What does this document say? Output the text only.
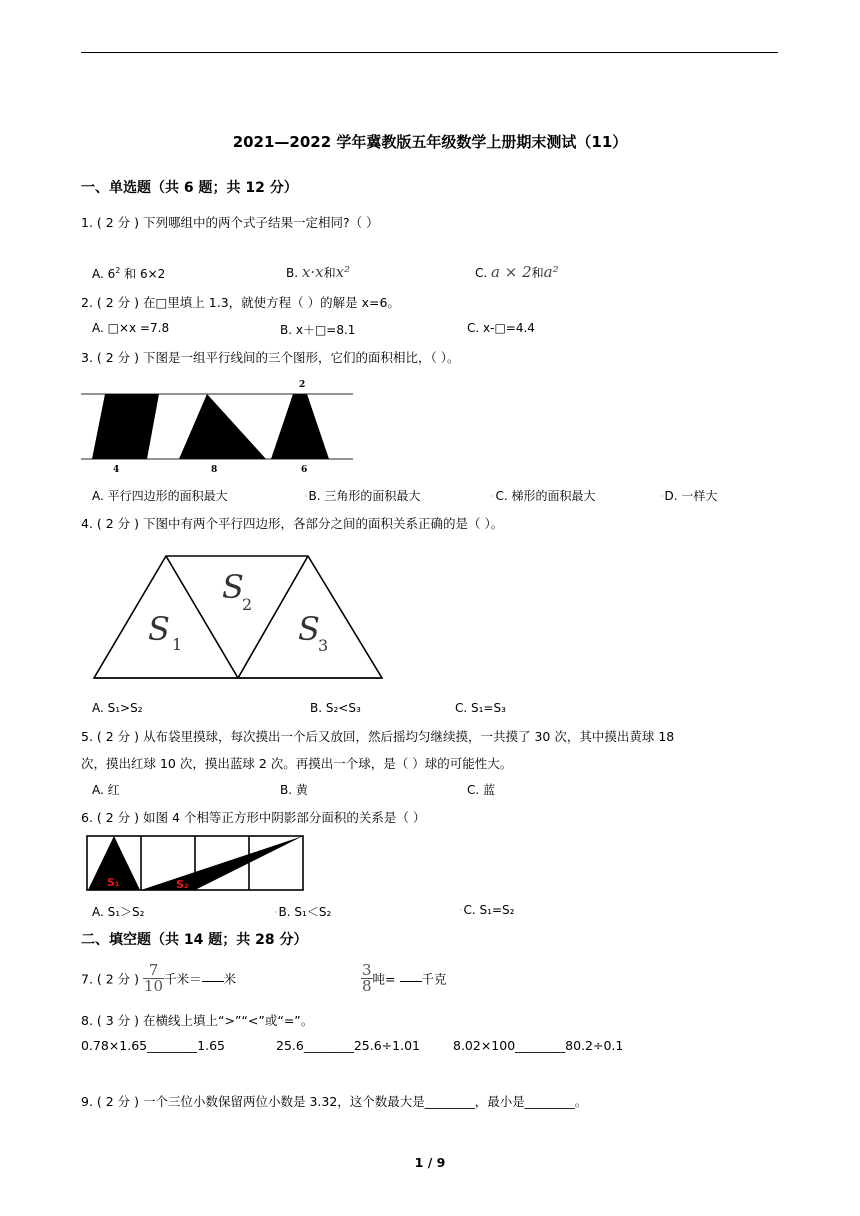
2021—2022 学年冀教版五年级数学上册期末测试（11）
一、单选题（共 6 题；共 12 分）
1. ( 2 分 ) 下列哪组中的两个式子结果一定相同?（ ）
A. $6^2$ 和 6×2	B. x·x和x²	C. a × 2和a²
2. ( 2 分 ) 在□里填上 1.3，就使方程（ ）的解是 x=6。
A. □×x =7.8	B. x＋□=8.1	C. x-□=4.4
3. ( 2 分 ) 下图是一组平行线间的三个图形，它们的面积相比，（ ）。
4	8	6
2
A. 平行四边形的面积最大	◦B. 三角形的面积最大	◦C. 梯形的面积最大	◦D. 一样大
4. ( 2 分 ) 下图中有两个平行四边形，各部分之间的面积关系正确的是（ ）。
S 1
S
2
S
3
A. S₁>S₂	B. S₂<S₃	C. S₁=S₃
5. ( 2 分 ) 从布袋里摸球，每次摸出一个后又放回，然后摇均匀继续摸，一共摸了 30 次，其中摸出黄球 18
次，摸出红球 10 次，摸出蓝球 2 次。再摸出一个球，是（ ）球的可能性大。
A. 红	B. 黄	C. 蓝
6. ( 2 分 ) 如图 4 个相等正方形中阴影部分面积的关系是（ ）
S₁	S₂
A. S₁＞S₂	◦B. S₁＜S₂	◦C. S₁=S₂
二、填空题（共 14 题；共 28 分）
7. ( 2 分 ) $\frac{7}{10}$ 千米＝ 米	$\frac{3}{8}$ 吨= 千克
8. ( 3 分 ) 在横线上填上“>”“<”或“=”。
0.78×1.65________1.65	25.6________25.6÷1.01	8.02×100________80.2÷0.1
9. ( 2 分 ) 一个三位小数保留两位小数是 3.32，这个数最大是________，最小是________。
1 / 9
